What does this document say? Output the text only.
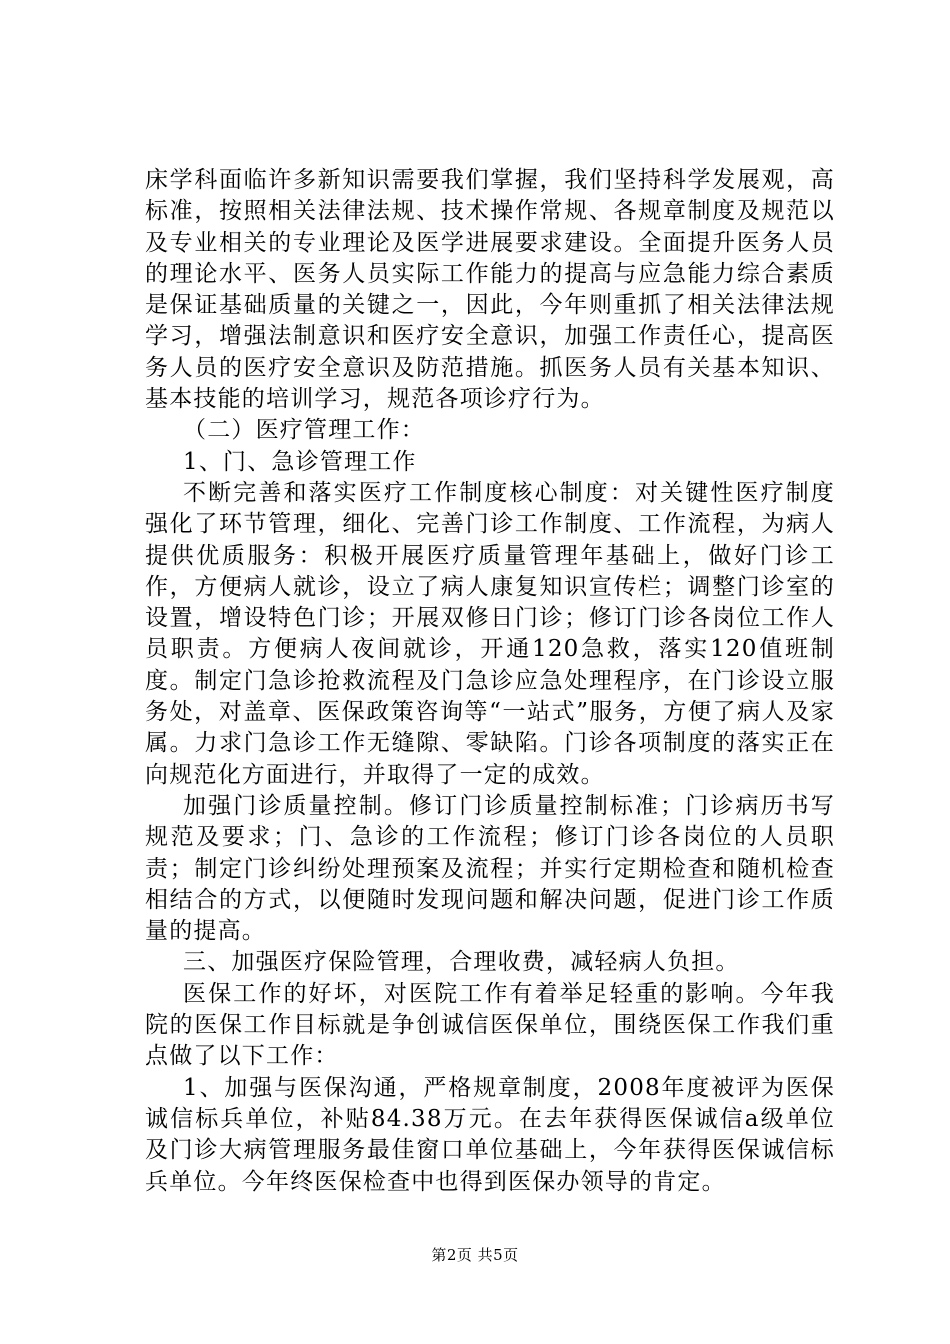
床学科面临许多新知识需要我们掌握，我们坚持科学发展观，高标准，按照相关法律法规、技术操作常规、各规章制度及规范以及专业相关的专业理论及医学进展要求建设。全面提升医务人员的理论水平、医务人员实际工作能力的提高与应急能力综合素质是保证基础质量的关键之一，因此，今年则重抓了相关法律法规学习，增强法制意识和医疗安全意识，加强工作责任心，提高医务人员的医疗安全意识及防范措施。抓医务人员有关基本知识、基本技能的培训学习，规范各项诊疗行为。

（二）医疗管理工作：

1、门、急诊管理工作

不断完善和落实医疗工作制度核心制度：对关键性医疗制度强化了环节管理，细化、完善门诊工作制度、工作流程，为病人提供优质服务：积极开展医疗质量管理年基础上，做好门诊工作，方便病人就诊，设立了病人康复知识宣传栏；调整门诊室的设置，增设特色门诊；开展双修日门诊；修订门诊各岗位工作人员职责。方便病人夜间就诊，开通120急救，落实120值班制度。制定门急诊抢救流程及门急诊应急处理程序，在门诊设立服务处，对盖章、医保政策咨询等“一站式”服务，方便了病人及家属。力求门急诊工作无缝隙、零缺陷。门诊各项制度的落实正在向规范化方面进行，并取得了一定的成效。

加强门诊质量控制。修订门诊质量控制标准；门诊病历书写规范及要求；门、急诊的工作流程；修订门诊各岗位的人员职责；制定门诊纠纷处理预案及流程；并实行定期检查和随机检查相结合的方式，以便随时发现问题和解决问题，促进门诊工作质量的提高。

三、加强医疗保险管理，合理收费，减轻病人负担。

医保工作的好坏，对医院工作有着举足轻重的影响。今年我院的医保工作目标就是争创诚信医保单位，围绕医保工作我们重点做了以下工作：

1、加强与医保沟通，严格规章制度，2008年度被评为医保诚信标兵单位，补贴84.38万元。在去年获得医保诚信a级单位及门诊大病管理服务最佳窗口单位基础上，今年获得医保诚信标兵单位。今年终医保检查中也得到医保办领导的肯定。

第2页 共5页
